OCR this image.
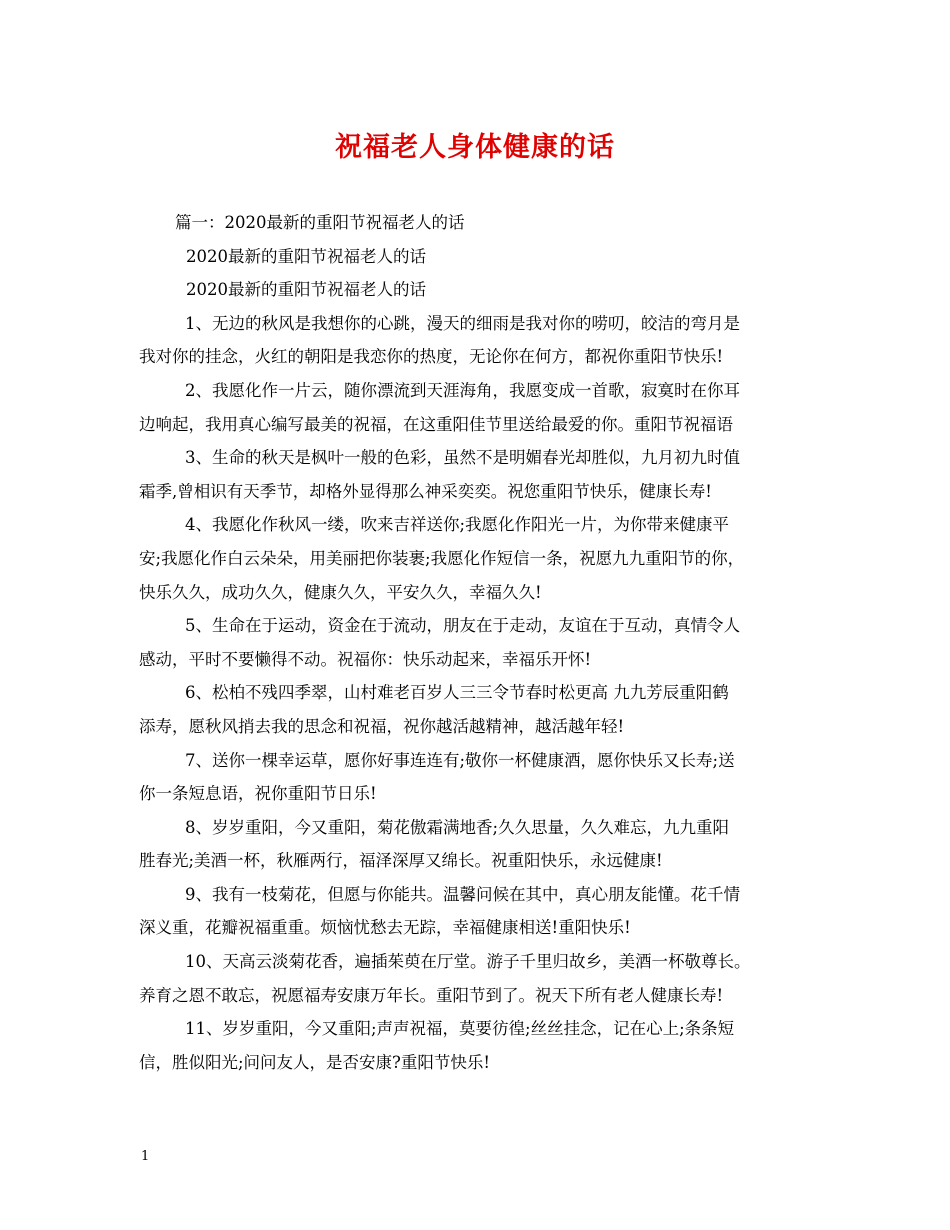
祝福老人身体健康的话
篇一：2020最新的重阳节祝福老人的话
2020最新的重阳节祝福老人的话
2020最新的重阳节祝福老人的话
1、无边的秋风是我想你的心跳，漫天的细雨是我对你的唠叨，皎洁的弯月是
我对你的挂念，火红的朝阳是我恋你的热度，无论你在何方，都祝你重阳节快乐!
2、我愿化作一片云，随你漂流到天涯海角，我愿变成一首歌，寂寞时在你耳
边响起，我用真心编写最美的祝福，在这重阳佳节里送给最爱的你。重阳节祝福语
3、生命的秋天是枫叶一般的色彩，虽然不是明媚春光却胜似，九月初九时值
霜季,曾相识有天季节，却格外显得那么神采奕奕。祝您重阳节快乐，健康长寿!
4、我愿化作秋风一缕，吹来吉祥送你;我愿化作阳光一片，为你带来健康平
安;我愿化作白云朵朵，用美丽把你装裹;我愿化作短信一条，祝愿九九重阳节的你，
快乐久久，成功久久，健康久久，平安久久，幸福久久!
5、生命在于运动，资金在于流动，朋友在于走动，友谊在于互动，真情令人
感动，平时不要懒得不动。祝福你：快乐动起来，幸福乐开怀!
6、松柏不残四季翠，山村难老百岁人三三令节春时松更高 九九芳辰重阳鹤
添寿，愿秋风捎去我的思念和祝福，祝你越活越精神，越活越年轻!
7、送你一棵幸运草，愿你好事连连有;敬你一杯健康酒，愿你快乐又长寿;送
你一条短息语，祝你重阳节日乐!
8、岁岁重阳，今又重阳，菊花傲霜满地香;久久思量，久久难忘，九九重阳
胜春光;美酒一杯，秋雁两行，福泽深厚又绵长。祝重阳快乐，永远健康!
9、我有一枝菊花，但愿与你能共。温馨问候在其中，真心朋友能懂。花千情
深义重，花瓣祝福重重。烦恼忧愁去无踪，幸福健康相送!重阳快乐!
10、天高云淡菊花香，遍插茱萸在厅堂。游子千里归故乡，美酒一杯敬尊长。
养育之恩不敢忘，祝愿福寿安康万年长。重阳节到了。祝天下所有老人健康长寿!
11、岁岁重阳，今又重阳;声声祝福，莫要彷徨;丝丝挂念，记在心上;条条短
信，胜似阳光;问问友人，是否安康?重阳节快乐!
1
